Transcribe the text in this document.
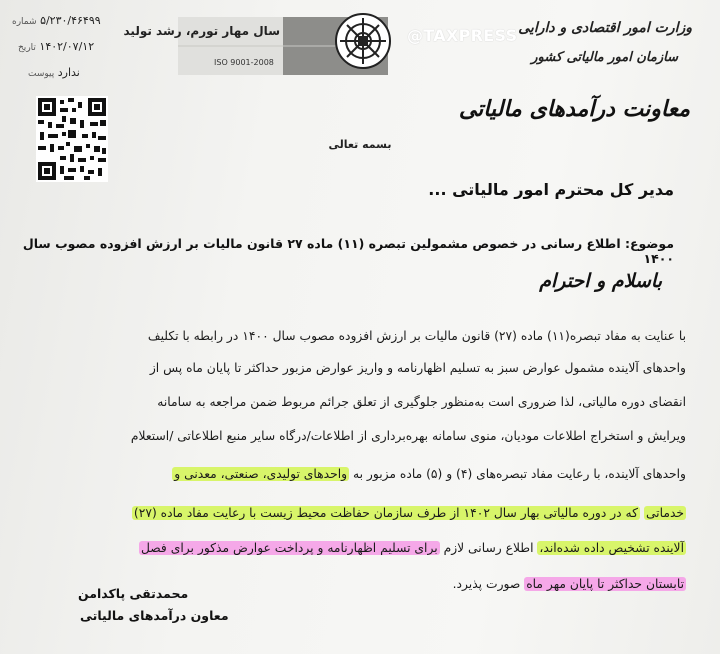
سال مهار تورم، رشد تولید
ISO 9001-2008
@TAXPRESS وزارت امور اقتصادی و دارایی
سازمان امور مالیاتی کشور
معاونت درآمدهای مالیاتی
۵/۲۳۰/۴۶۴۹۹ شماره
۱۴۰۲/۰۷/۱۲ تاریخ
ندارد پیوست
بسمه تعالی
مدیر کل محترم امور مالیاتی ...
موضوع: اطلاع رسانی در خصوص مشمولین تبصره (۱۱) ماده ۲۷ قانون مالیات بر ارزش افزوده مصوب سال ۱۴۰۰
باسلام و احترام
با عنایت به مفاد تبصره(۱۱) ماده (۲۷) قانون مالیات بر ارزش افزوده مصوب سال ۱۴۰۰ در رابطه با تکلیف
واحدهای آلاینده مشمول عوارض سبز به تسلیم اظهارنامه و واریز عوارض مزبور حداکثر تا پایان ماه پس از
انقضای دوره مالیاتی، لذا ضروری است به‌منظور جلوگیری از تعلق جرائم مربوط ضمن مراجعه به سامانه
ویرایش و استخراج اطلاعات مودیان، منوی سامانه بهره‌برداری از اطلاعات/درگاه سایر منبع اطلاعاتی /استعلام
واحدهای آلاینده، با رعایت مفاد تبصره‌های (۴) و (۵) ماده مزبور به واحدهای تولیدی، صنعتی، معدنی و
خدماتی که در دوره مالیاتی بهار سال ۱۴۰۲ از طرف سازمان حفاظت محیط زیست با رعایت مفاد ماده (۲۷)
آلاینده تشخیص داده شده‌اند، اطلاع رسانی لازم برای تسلیم اظهارنامه و پرداخت عوارض مذکور برای فصل
تابستان حداکثر تا پایان مهر ماه صورت پذیرد.
محمدتقی پاکدامن
معاون درآمدهای مالیاتی
